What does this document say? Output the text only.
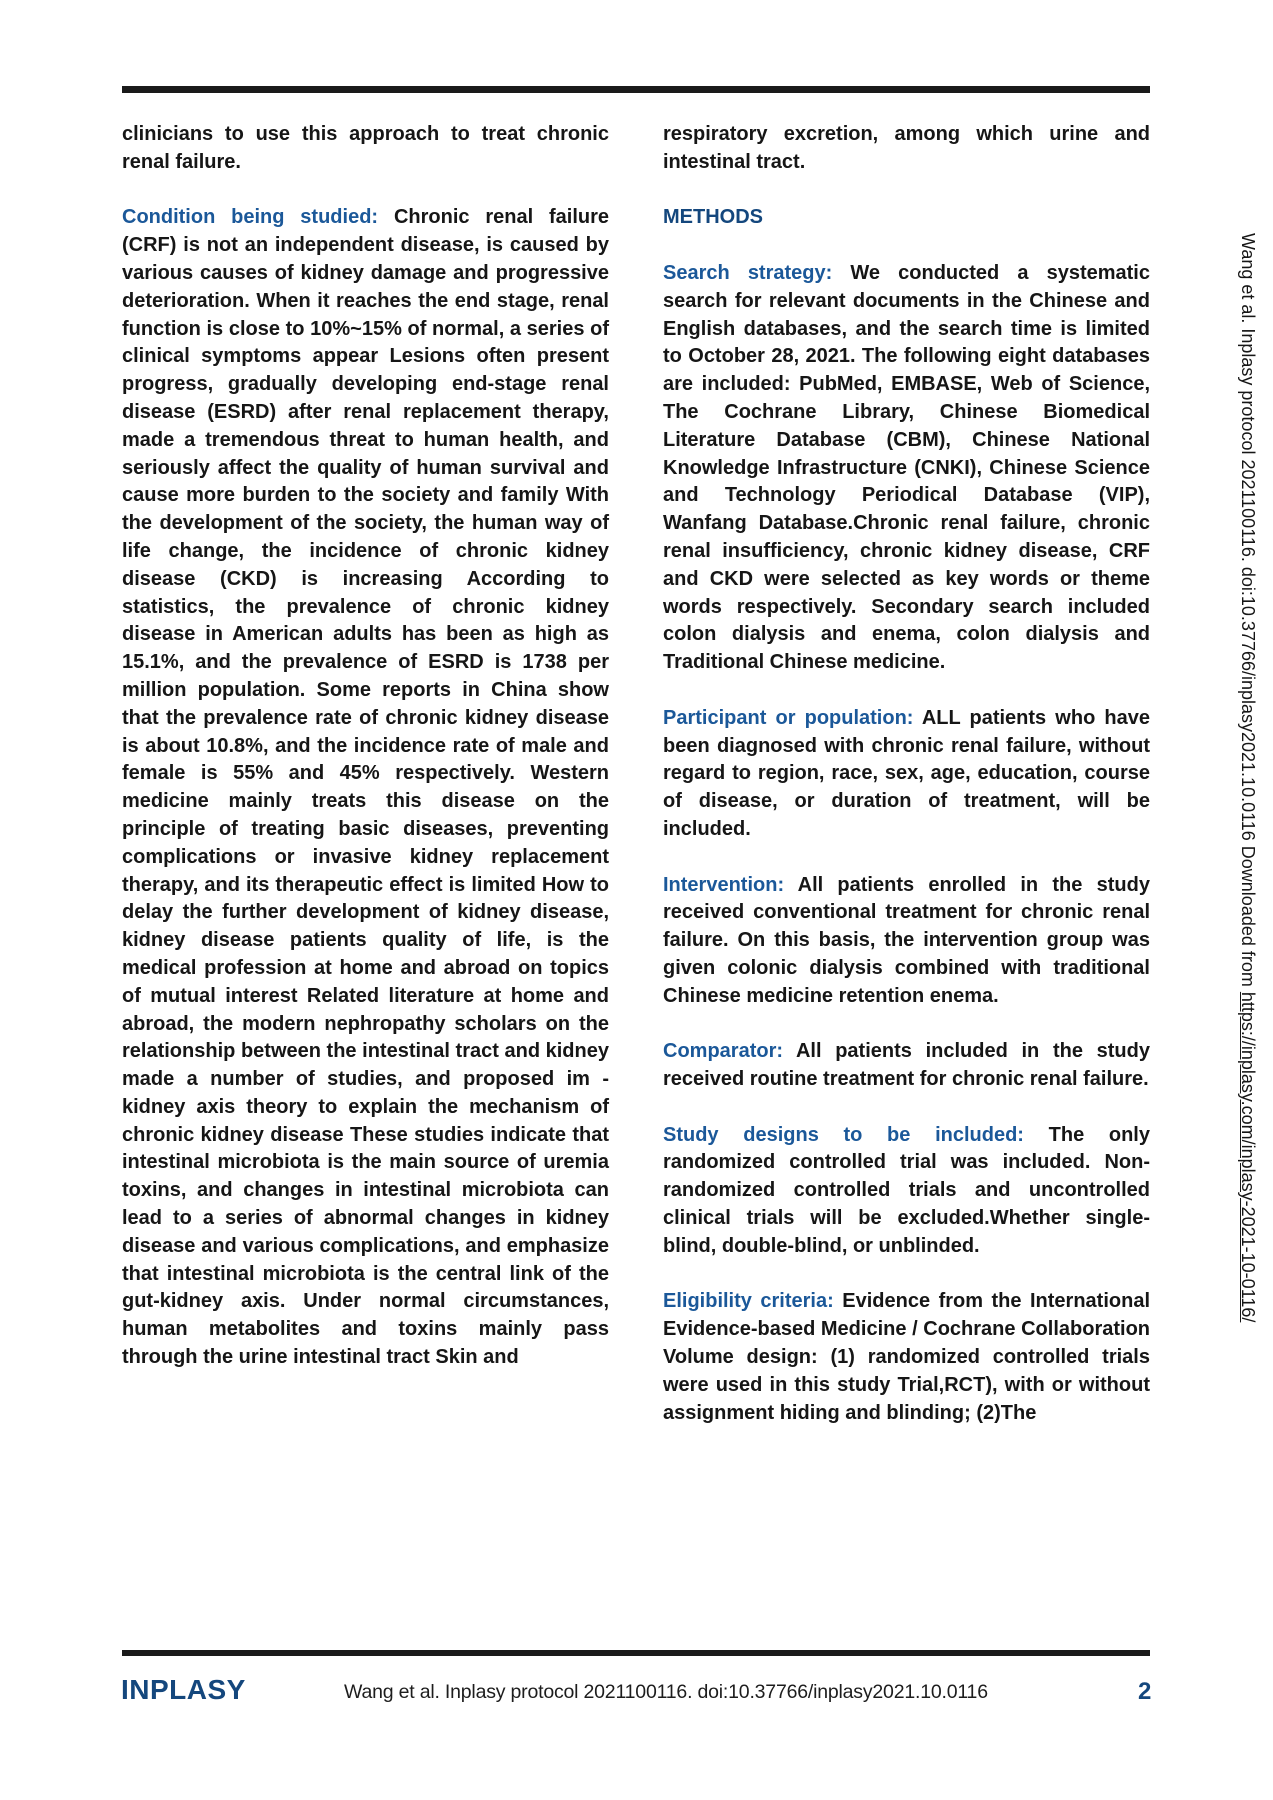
clinicians to use this approach to treat chronic renal failure.

Condition being studied: Chronic renal failure (CRF) is not an independent disease, is caused by various causes of kidney damage and progressive deterioration. When it reaches the end stage, renal function is close to 10%~15% of normal, a series of clinical symptoms appear Lesions often present progress, gradually developing end-stage renal disease (ESRD) after renal replacement therapy, made a tremendous threat to human health, and seriously affect the quality of human survival and cause more burden to the society and family With the development of the society, the human way of life change, the incidence of chronic kidney disease (CKD) is increasing According to statistics, the prevalence of chronic kidney disease in American adults has been as high as 15.1%, and the prevalence of ESRD is 1738 per million population. Some reports in China show that the prevalence rate of chronic kidney disease is about 10.8%, and the incidence rate of male and female is 55% and 45% respectively. Western medicine mainly treats this disease on the principle of treating basic diseases, preventing complications or invasive kidney replacement therapy, and its therapeutic effect is limited How to delay the further development of kidney disease, kidney disease patients quality of life, is the medical profession at home and abroad on topics of mutual interest Related literature at home and abroad, the modern nephropathy scholars on the relationship between the intestinal tract and kidney made a number of studies, and proposed im - kidney axis theory to explain the mechanism of chronic kidney disease These studies indicate that intestinal microbiota is the main source of uremia toxins, and changes in intestinal microbiota can lead to a series of abnormal changes in kidney disease and various complications, and emphasize that intestinal microbiota is the central link of the gut-kidney axis. Under normal circumstances, human metabolites and toxins mainly pass through the urine intestinal tract Skin and

respiratory excretion, among which urine and intestinal tract.

METHODS

Search strategy: We conducted a systematic search for relevant documents in the Chinese and English databases, and the search time is limited to October 28, 2021. The following eight databases are included: PubMed, EMBASE, Web of Science, The Cochrane Library, Chinese Biomedical Literature Database (CBM), Chinese National Knowledge Infrastructure (CNKI), Chinese Science and Technology Periodical Database (VIP), Wanfang Database.Chronic renal failure, chronic renal insufficiency, chronic kidney disease, CRF and CKD were selected as key words or theme words respectively. Secondary search included colon dialysis and enema, colon dialysis and Traditional Chinese medicine.

Participant or population: ALL patients who have been diagnosed with chronic renal failure, without regard to region, race, sex, age, education, course of disease, or duration of treatment, will be included.

Intervention: All patients enrolled in the study received conventional treatment for chronic renal failure. On this basis, the intervention group was given colonic dialysis combined with traditional Chinese medicine retention enema.

Comparator: All patients included in the study received routine treatment for chronic renal failure.

Study designs to be included: The only randomized controlled trial was included. Non-randomized controlled trials and uncontrolled clinical trials will be excluded.Whether single-blind, double-blind, or unblinded.

Eligibility criteria: Evidence from the International Evidence-based Medicine / Cochrane Collaboration Volume design: (1) randomized controlled trials were used in this study Trial,RCT), with or without assignment hiding and blinding; (2)The

Wang et al. Inplasy protocol 2021100116. doi:10.37766/inplasy2021.10.0116 Downloaded from https://inplasy.com/inplasy-2021-10-0116/
INPLASY	Wang et al. Inplasy protocol 2021100116. doi:10.37766/inplasy2021.10.0116	2
